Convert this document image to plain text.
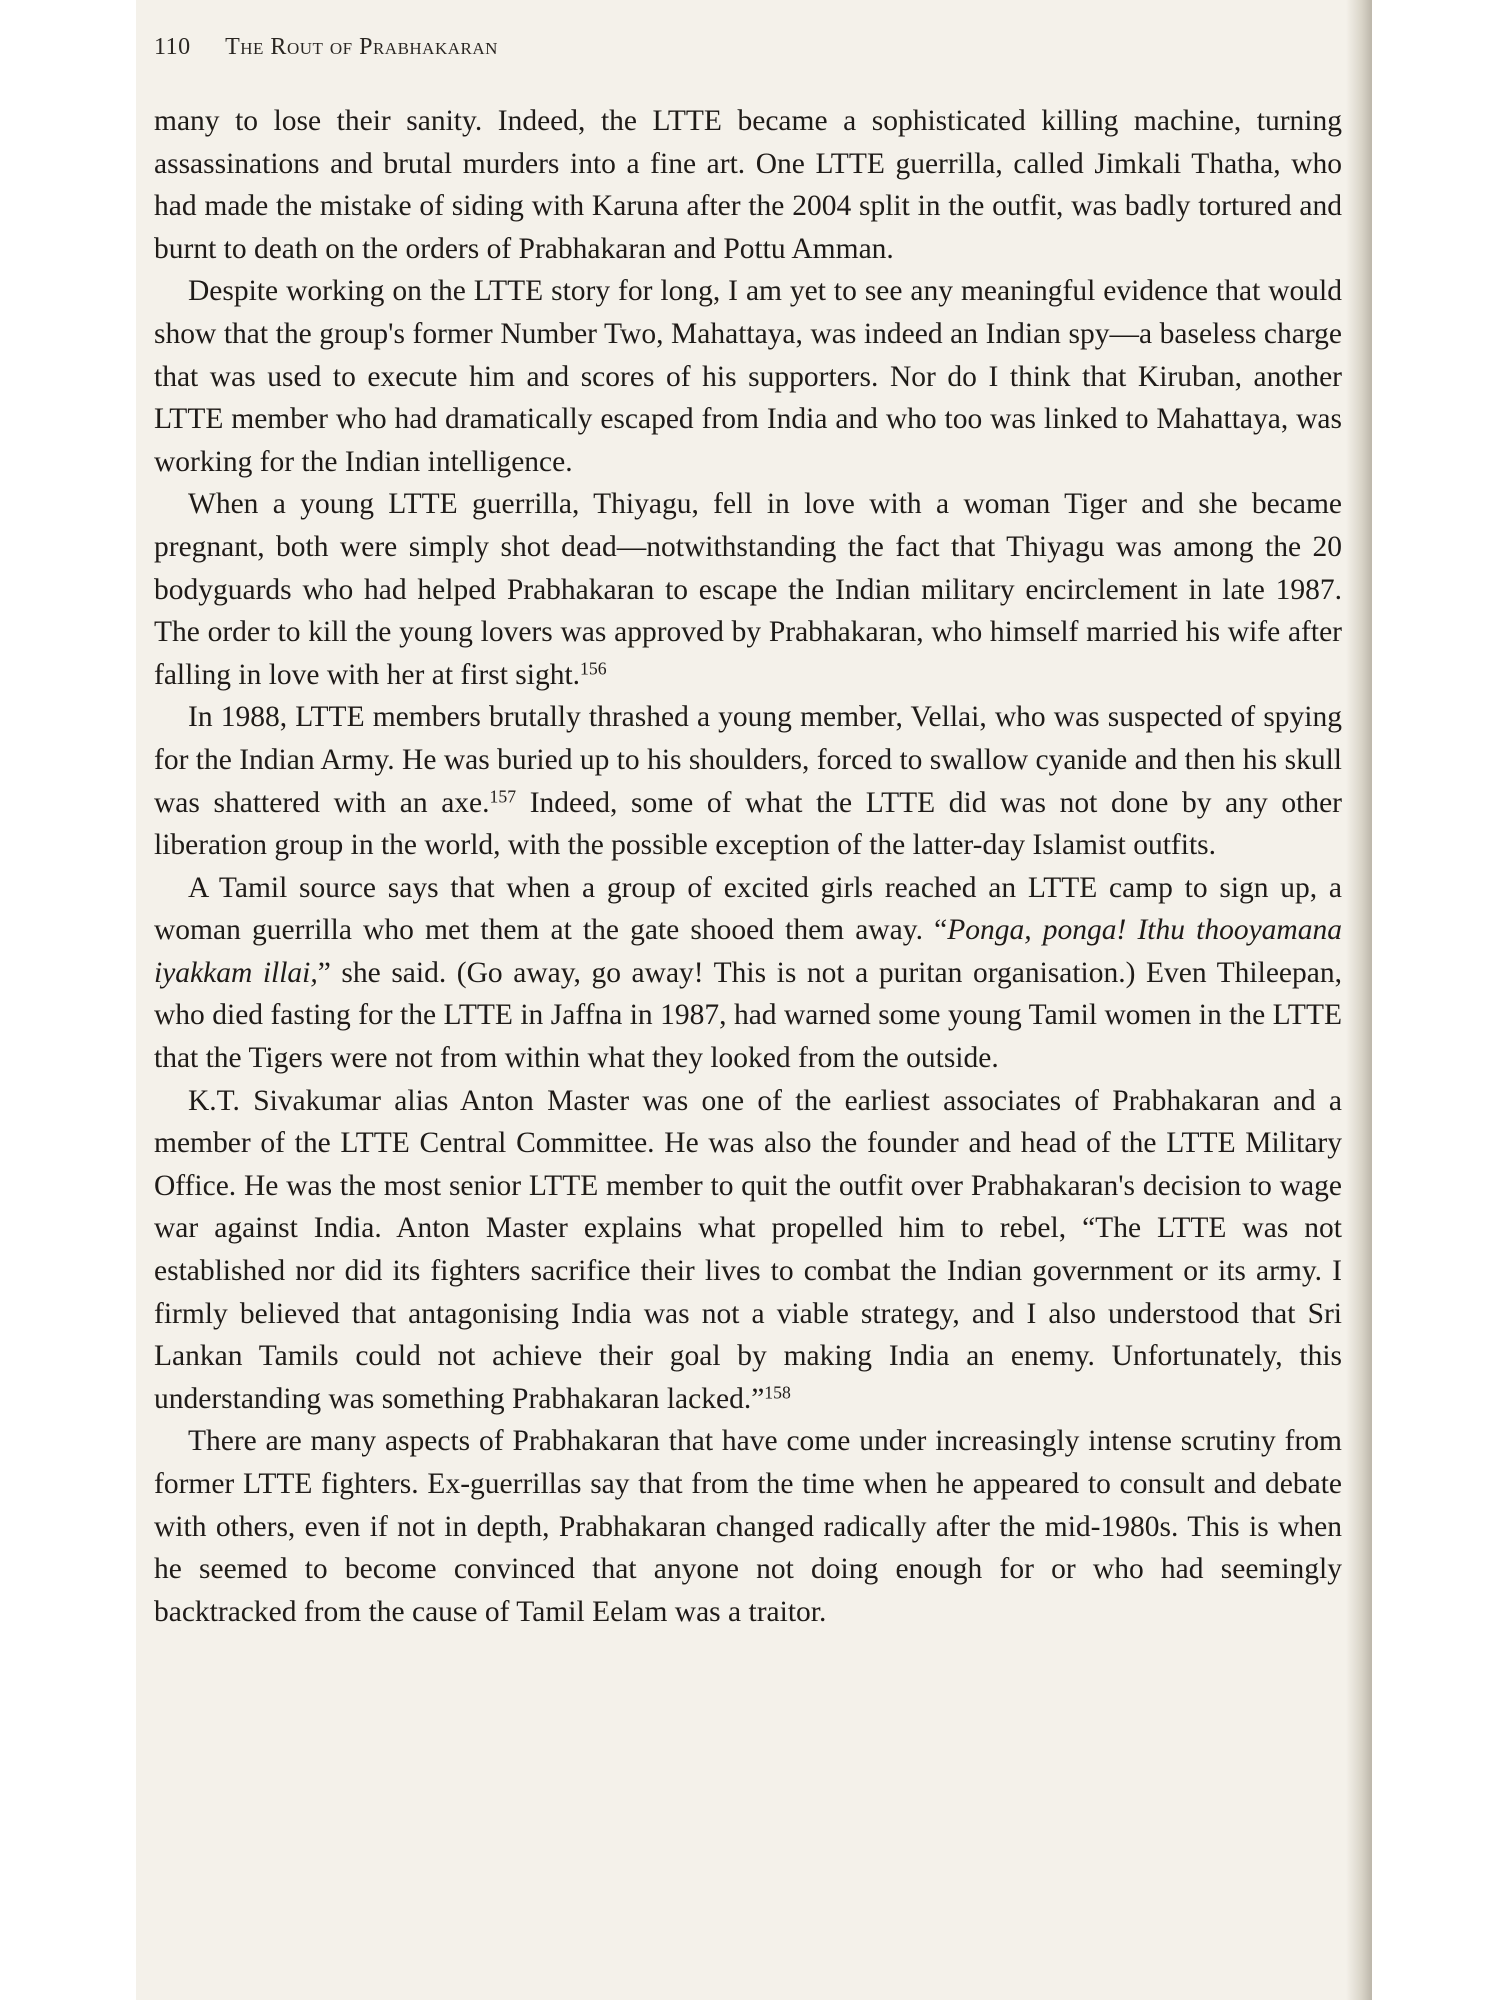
110 The Rout of Prabhakaran

many to lose their sanity. Indeed, the LTTE became a sophisticated killing machine, turning assassinations and brutal murders into a fine art. One LTTE guerrilla, called Jimkali Thatha, who had made the mistake of siding with Karuna after the 2004 split in the outfit, was badly tortured and burnt to death on the orders of Prabhakaran and Pottu Amman.

Despite working on the LTTE story for long, I am yet to see any meaningful evidence that would show that the group's former Number Two, Mahattaya, was indeed an Indian spy—a baseless charge that was used to execute him and scores of his supporters. Nor do I think that Kiruban, another LTTE member who had dramatically escaped from India and who too was linked to Mahattaya, was working for the Indian intelligence.

When a young LTTE guerrilla, Thiyagu, fell in love with a woman Tiger and she became pregnant, both were simply shot dead—notwithstanding the fact that Thiyagu was among the 20 bodyguards who had helped Prabhakaran to escape the Indian military encirclement in late 1987. The order to kill the young lovers was approved by Prabhakaran, who himself married his wife after falling in love with her at first sight.$^{156}$

In 1988, LTTE members brutally thrashed a young member, Vellai, who was suspected of spying for the Indian Army. He was buried up to his shoulders, forced to swallow cyanide and then his skull was shattered with an axe.$^{157}$ Indeed, some of what the LTTE did was not done by any other liberation group in the world, with the possible exception of the latter-day Islamist outfits.

A Tamil source says that when a group of excited girls reached an LTTE camp to sign up, a woman guerrilla who met them at the gate shooed them away. “Ponga, ponga! Ithu thooyamana iyakkam illai,” she said. (Go away, go away! This is not a puritan organisation.) Even Thileepan, who died fasting for the LTTE in Jaffna in 1987, had warned some young Tamil women in the LTTE that the Tigers were not from within what they looked from the outside.

K.T. Sivakumar alias Anton Master was one of the earliest associates of Prabhakaran and a member of the LTTE Central Committee. He was also the founder and head of the LTTE Military Office. He was the most senior LTTE member to quit the outfit over Prabhakaran's decision to wage war against India. Anton Master explains what propelled him to rebel, “The LTTE was not established nor did its fighters sacrifice their lives to combat the Indian government or its army. I firmly believed that antagonising India was not a viable strategy, and I also understood that Sri Lankan Tamils could not achieve their goal by making India an enemy. Unfortunately, this understanding was something Prabhakaran lacked.”$^{158}$

There are many aspects of Prabhakaran that have come under increasingly intense scrutiny from former LTTE fighters. Ex-guerrillas say that from the time when he appeared to consult and debate with others, even if not in depth, Prabhakaran changed radically after the mid-1980s. This is when he seemed to become convinced that anyone not doing enough for or who had seemingly backtracked from the cause of Tamil Eelam was a traitor.
